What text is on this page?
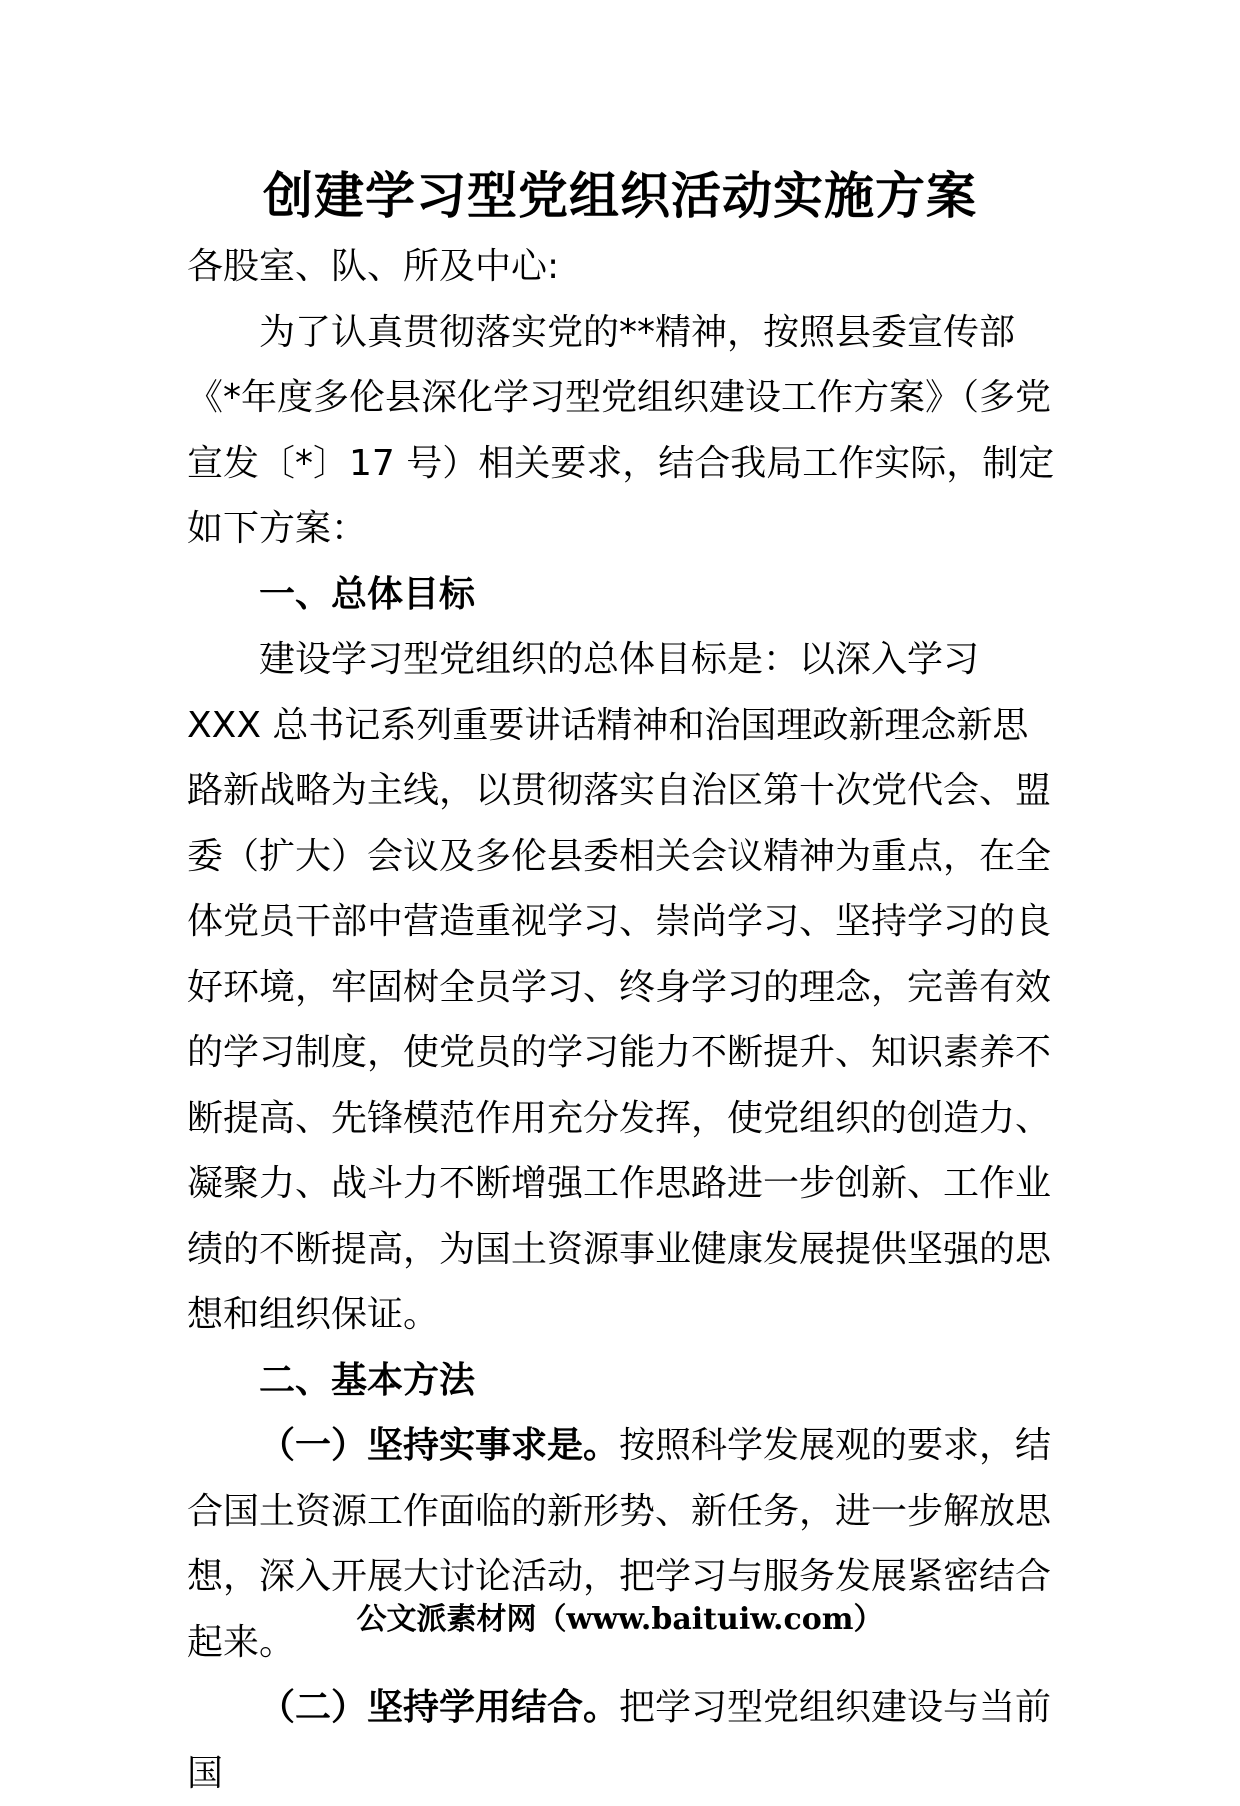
创建学习型党组织活动实施方案

各股室、队、所及中心:

为了认真贯彻落实党的**精神，按照县委宣传部《*年度多伦县深化学习型党组织建设工作方案》（多党宣发〔*〕17 号）相关要求，结合我局工作实际，制定如下方案：

一、总体目标

建设学习型党组织的总体目标是：以深入学习 XXX 总书记系列重要讲话精神和治国理政新理念新思路新战略为主线，以贯彻落实自治区第十次党代会、盟委（扩大）会议及多伦县委相关会议精神为重点，在全体党员干部中营造重视学习、崇尚学习、坚持学习的良好环境，牢固树全员学习、终身学习的理念，完善有效的学习制度，使党员的学习能力不断提升、知识素养不断提高、先锋模范作用充分发挥，使党组织的创造力、凝聚力、战斗力不断增强工作思路进一步创新、工作业绩的不断提高，为国土资源事业健康发展提供坚强的思想和组织保证。

二、基本方法

（一）坚持实事求是。按照科学发展观的要求，结合国土资源工作面临的新形势、新任务，进一步解放思想，深入开展大讨论活动，把学习与服务发展紧密结合起来。

（二）坚持学用结合。把学习型党组织建设与当前国

公文派素材网（www.baituiw.com）
